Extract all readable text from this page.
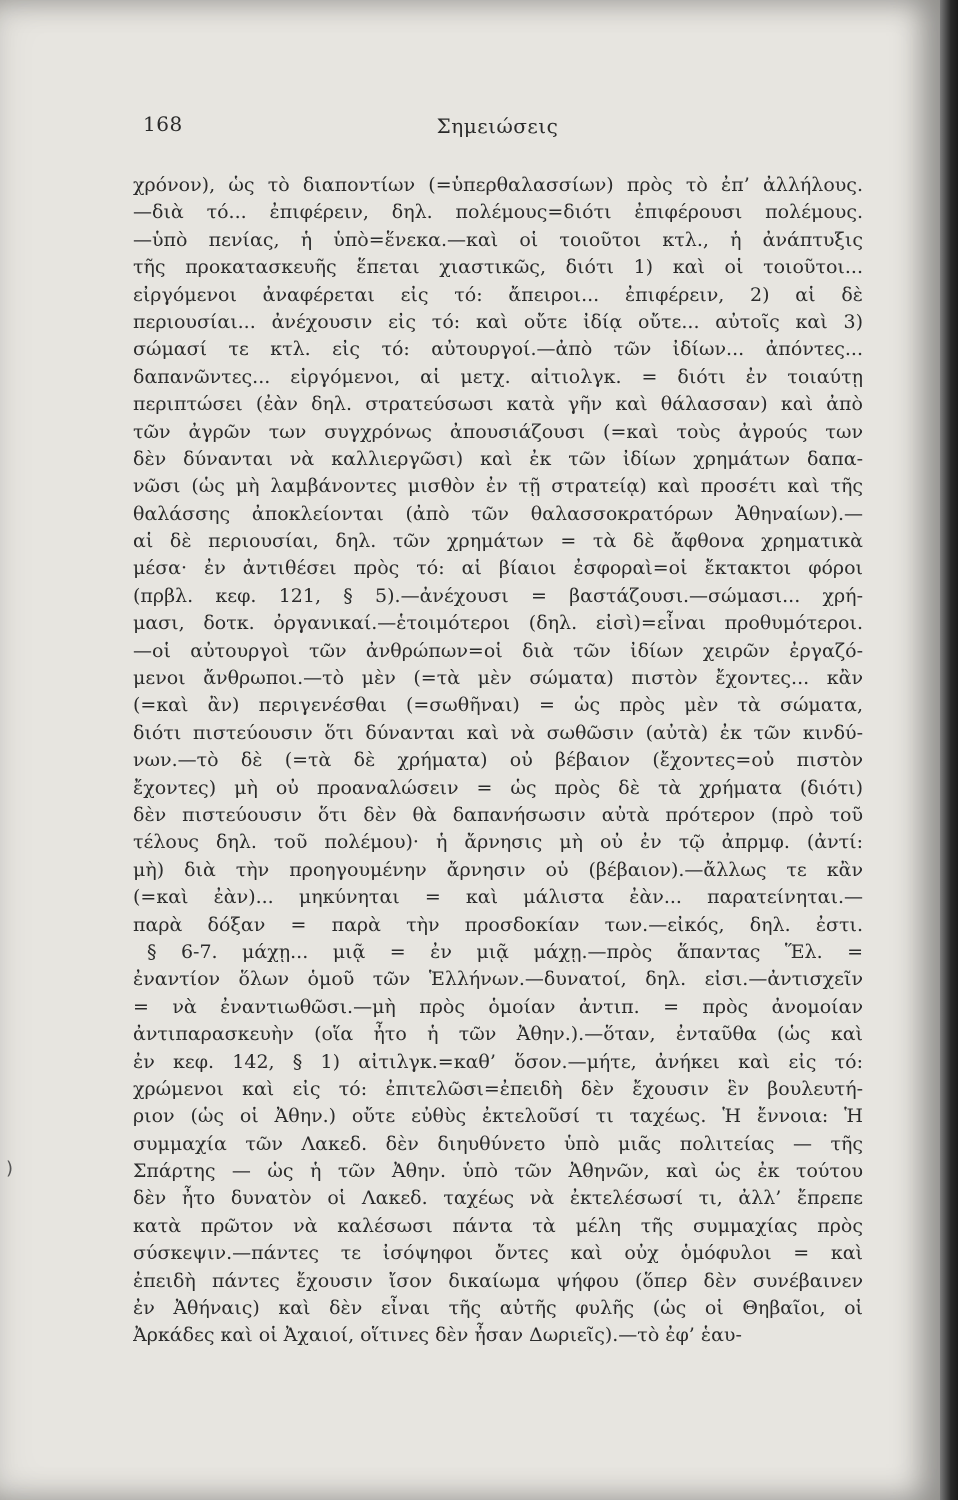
168	Σημειώσεις
χρόνον), ὡς τὸ διαποντίων (=ὑπερθαλασσίων) πρὸς τὸ ἐπ’ ἀλλήλους.
—διὰ τό... ἐπιφέρειν, δηλ. πολέμους=διότι ἐπιφέρουσι πολέμους.
—ὑπὸ πενίας, ἡ ὑπὸ=ἕνεκα.—καὶ οἱ τοιοῦτοι κτλ., ἡ ἀνάπτυξις
τῆς προκατασκευῆς ἕπεται χιαστικῶς, διότι 1) καὶ οἱ τοιοῦτοι...
εἰργόμενοι ἀναφέρεται εἰς τό: ἄπειροι... ἐπιφέρειν, 2) αἱ δὲ
περιουσίαι... ἀνέχουσιν εἰς τό: καὶ οὔτε ἰδίᾳ οὔτε... αὐτοῖς καὶ 3)
σώμασί τε κτλ. εἰς τό: αὐτουργοί.—ἀπὸ τῶν ἰδίων... ἀπόντες...
δαπανῶντες... εἰργόμενοι, αἱ μετχ. αἰτιολγκ. = διότι ἐν τοιαύτῃ
περιπτώσει (ἐὰν δηλ. στρατεύσωσι κατὰ γῆν καὶ θάλασσαν) καὶ ἀπὸ
τῶν ἀγρῶν των συγχρόνως ἀπουσιάζουσι (=καὶ τοὺς ἀγρούς των
δὲν δύνανται νὰ καλλιεργῶσι) καὶ ἐκ τῶν ἰδίων χρημάτων δαπα-
νῶσι (ὡς μὴ λαμβάνοντες μισθὸν ἐν τῇ στρατείᾳ) καὶ προσέτι καὶ τῆς
θαλάσσης ἀποκλείονται (ἀπὸ τῶν θαλασσοκρατόρων Ἀθηναίων).—
αἱ δὲ περιουσίαι, δηλ. τῶν χρημάτων = τὰ δὲ ἄφθονα χρηματικὰ
μέσα· ἐν ἀντιθέσει πρὸς τό: αἱ βίαιοι ἐσφοραὶ=οἱ ἔκτακτοι φόροι
(πρβλ. κεφ. 121, § 5).—ἀνέχουσι = βαστάζουσι.—σώμασι... χρή-
μασι, δοτκ. ὀργανικαί.—ἑτοιμότεροι (δηλ. εἰσὶ)=εἶναι προθυμότεροι.
—οἱ αὐτουργοὶ τῶν ἀνθρώπων=οἱ διὰ τῶν ἰδίων χειρῶν ἐργαζό-
μενοι ἄνθρωποι.—τὸ μὲν (=τὰ μὲν σώματα) πιστὸν ἔχοντες... κἂν
(=καὶ ἂν) περιγενέσθαι (=σωθῆναι) = ὡς πρὸς μὲν τὰ σώματα,
διότι πιστεύουσιν ὅτι δύνανται καὶ νὰ σωθῶσιν (αὐτὰ) ἐκ τῶν κινδύ-
νων.—τὸ δὲ (=τὰ δὲ χρήματα) οὐ βέβαιον (ἔχοντες=οὐ πιστὸν
ἔχοντες) μὴ οὐ προαναλώσειν = ὡς πρὸς δὲ τὰ χρήματα (διότι)
δὲν πιστεύουσιν ὅτι δὲν θὰ δαπανήσωσιν αὐτὰ πρότερον (πρὸ τοῦ
τέλους δηλ. τοῦ πολέμου)· ἡ ἄρνησις μὴ οὐ ἐν τῷ ἀπρμφ. (ἀντί:
μὴ) διὰ τὴν προηγουμένην ἄρνησιν οὐ (βέβαιον).—ἄλλως τε κἂν
(=καὶ ἐὰν)... μηκύνηται = καὶ μάλιστα ἐὰν... παρατείνηται.—
παρὰ δόξαν = παρὰ τὴν προσδοκίαν των.—εἰκός, δηλ. ἐστι.
§ 6-7. μάχῃ... μιᾷ = ἐν μιᾷ μάχῃ.—πρὸς ἅπαντας Ἕλ. =
ἐναντίον ὅλων ὁμοῦ τῶν Ἑλλήνων.—δυνατοί, δηλ. εἰσι.—ἀντισχεῖν
= νὰ ἐναντιωθῶσι.—μὴ πρὸς ὁμοίαν ἀντιπ. = πρὸς ἀνομοίαν
ἀντιπαρασκευὴν (οἵα ἦτο ἡ τῶν Ἀθην.).—ὅταν, ἐνταῦθα (ὡς καὶ
ἐν κεφ. 142, § 1) αἰτιλγκ.=καθ’ ὅσον.—μήτε, ἀνήκει καὶ εἰς τό:
χρώμενοι καὶ εἰς τό: ἐπιτελῶσι=ἐπειδὴ δὲν ἔχουσιν ἓν βουλευτή-
ριον (ὡς οἱ Ἀθην.) οὔτε εὐθὺς ἐκτελοῦσί τι ταχέως. Ἡ ἔννοια: Ἡ
συμμαχία τῶν Λακεδ. δὲν διηυθύνετο ὑπὸ μιᾶς πολιτείας — τῆς
Σπάρτης — ὡς ἡ τῶν Ἀθην. ὑπὸ τῶν Ἀθηνῶν, καὶ ὡς ἐκ τούτου
δὲν ἦτο δυνατὸν οἱ Λακεδ. ταχέως νὰ ἐκτελέσωσί τι, ἀλλ’ ἔπρεπε
κατὰ πρῶτον νὰ καλέσωσι πάντα τὰ μέλη τῆς συμμαχίας πρὸς
σύσκεψιν.—πάντες τε ἰσόψηφοι ὄντες καὶ οὐχ ὁμόφυλοι = καὶ
ἐπειδὴ πάντες ἔχουσιν ἴσον δικαίωμα ψήφου (ὅπερ δὲν συνέβαινεν
ἐν Ἀθήναις) καὶ δὲν εἶναι τῆς αὐτῆς φυλῆς (ὡς οἱ Θηβαῖοι, οἱ
Ἀρκάδες καὶ οἱ Ἀχαιοί, οἵτινες δὲν ἦσαν Δωριεῖς).—τὸ ἐφ’ ἑαυ-
)
